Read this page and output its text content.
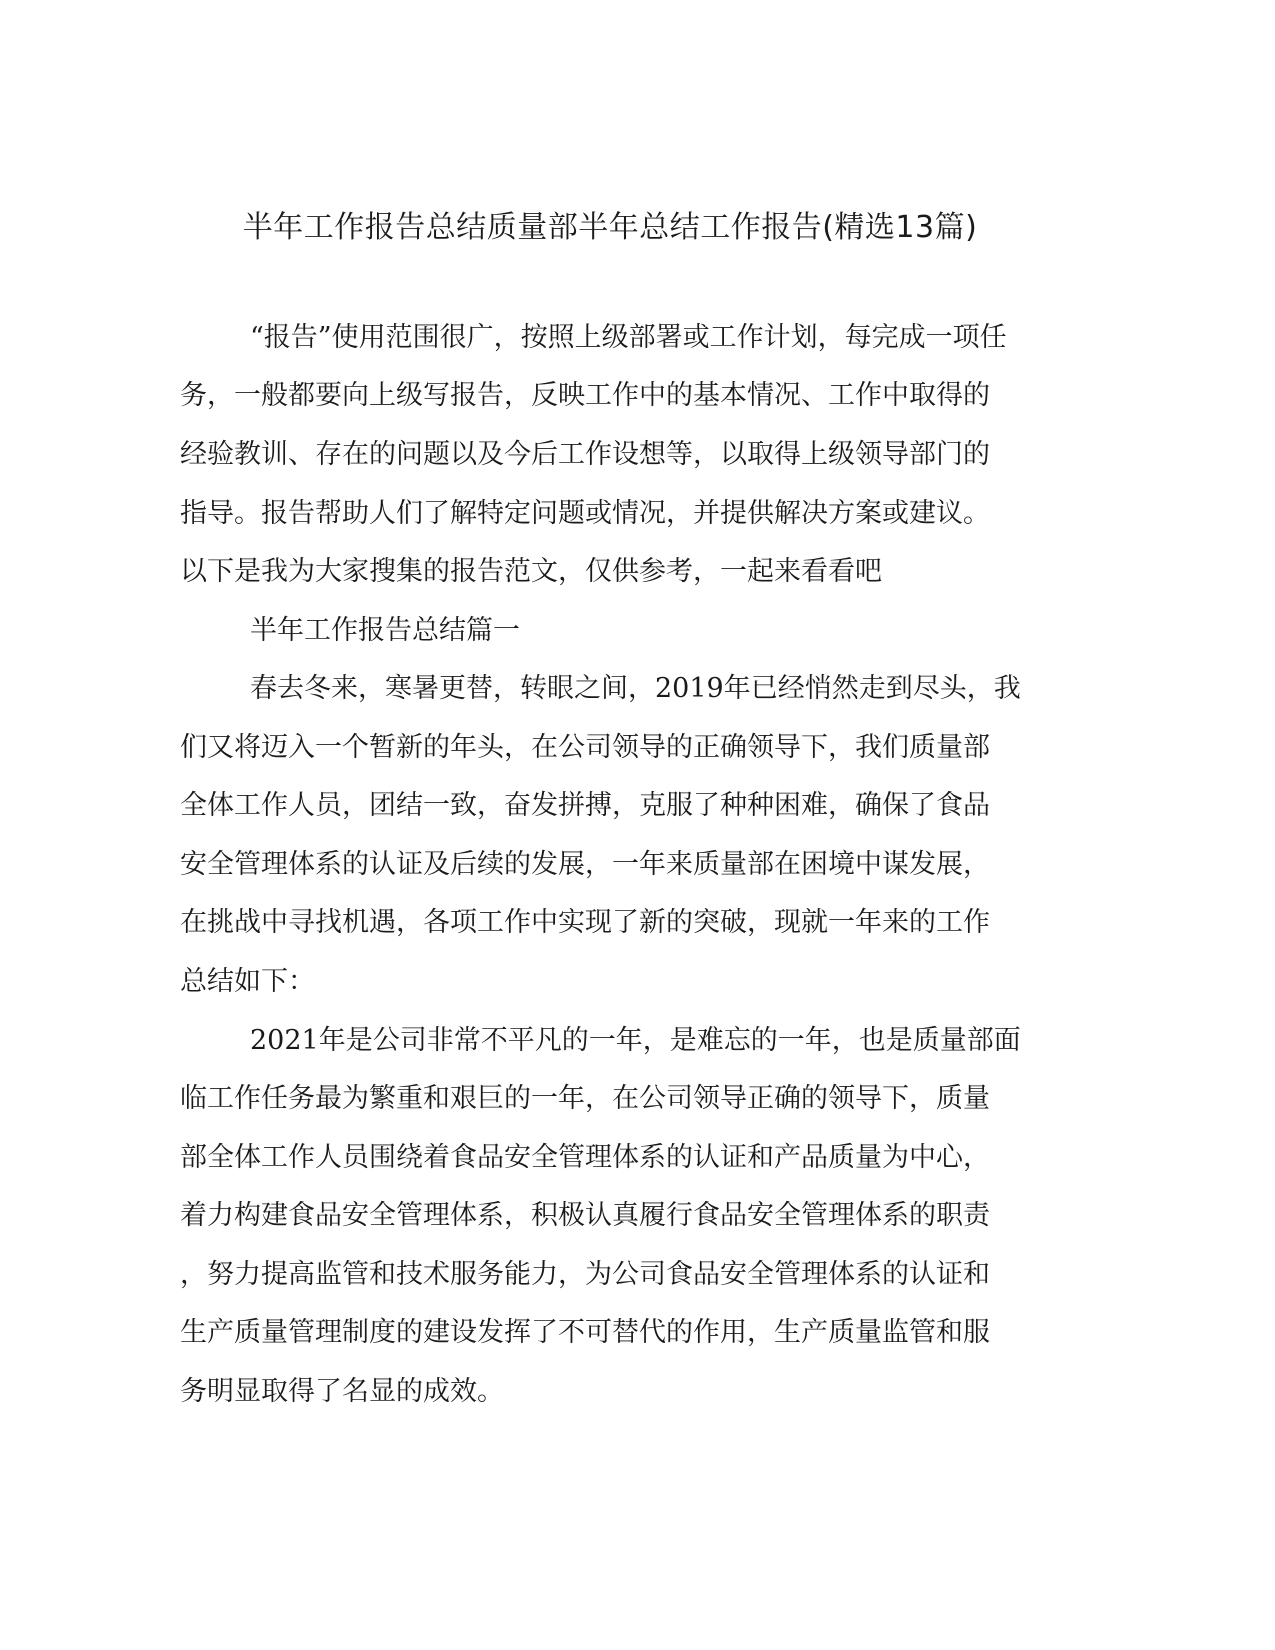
半年工作报告总结质量部半年总结工作报告(精选13篇)

“报告”使用范围很广，按照上级部署或工作计划，每完成一项任

务，一般都要向上级写报告，反映工作中的基本情况、工作中取得的

经验教训、存在的问题以及今后工作设想等，以取得上级领导部门的

指导。报告帮助人们了解特定问题或情况，并提供解决方案或建议。

以下是我为大家搜集的报告范文，仅供参考，一起来看看吧

半年工作报告总结篇一

春去冬来，寒暑更替，转眼之间，2019年已经悄然走到尽头，我

们又将迈入一个暂新的年头，在公司领导的正确领导下，我们质量部

全体工作人员，团结一致，奋发拼搏，克服了种种困难，确保了食品

安全管理体系的认证及后续的发展，一年来质量部在困境中谋发展，

在挑战中寻找机遇，各项工作中实现了新的突破，现就一年来的工作

总结如下：

2021年是公司非常不平凡的一年，是难忘的一年，也是质量部面

临工作任务最为繁重和艰巨的一年，在公司领导正确的领导下，质量

部全体工作人员围绕着食品安全管理体系的认证和产品质量为中心，

着力构建食品安全管理体系，积极认真履行食品安全管理体系的职责

，努力提高监管和技术服务能力，为公司食品安全管理体系的认证和

生产质量管理制度的建设发挥了不可替代的作用，生产质量监管和服

务明显取得了名显的成效。
